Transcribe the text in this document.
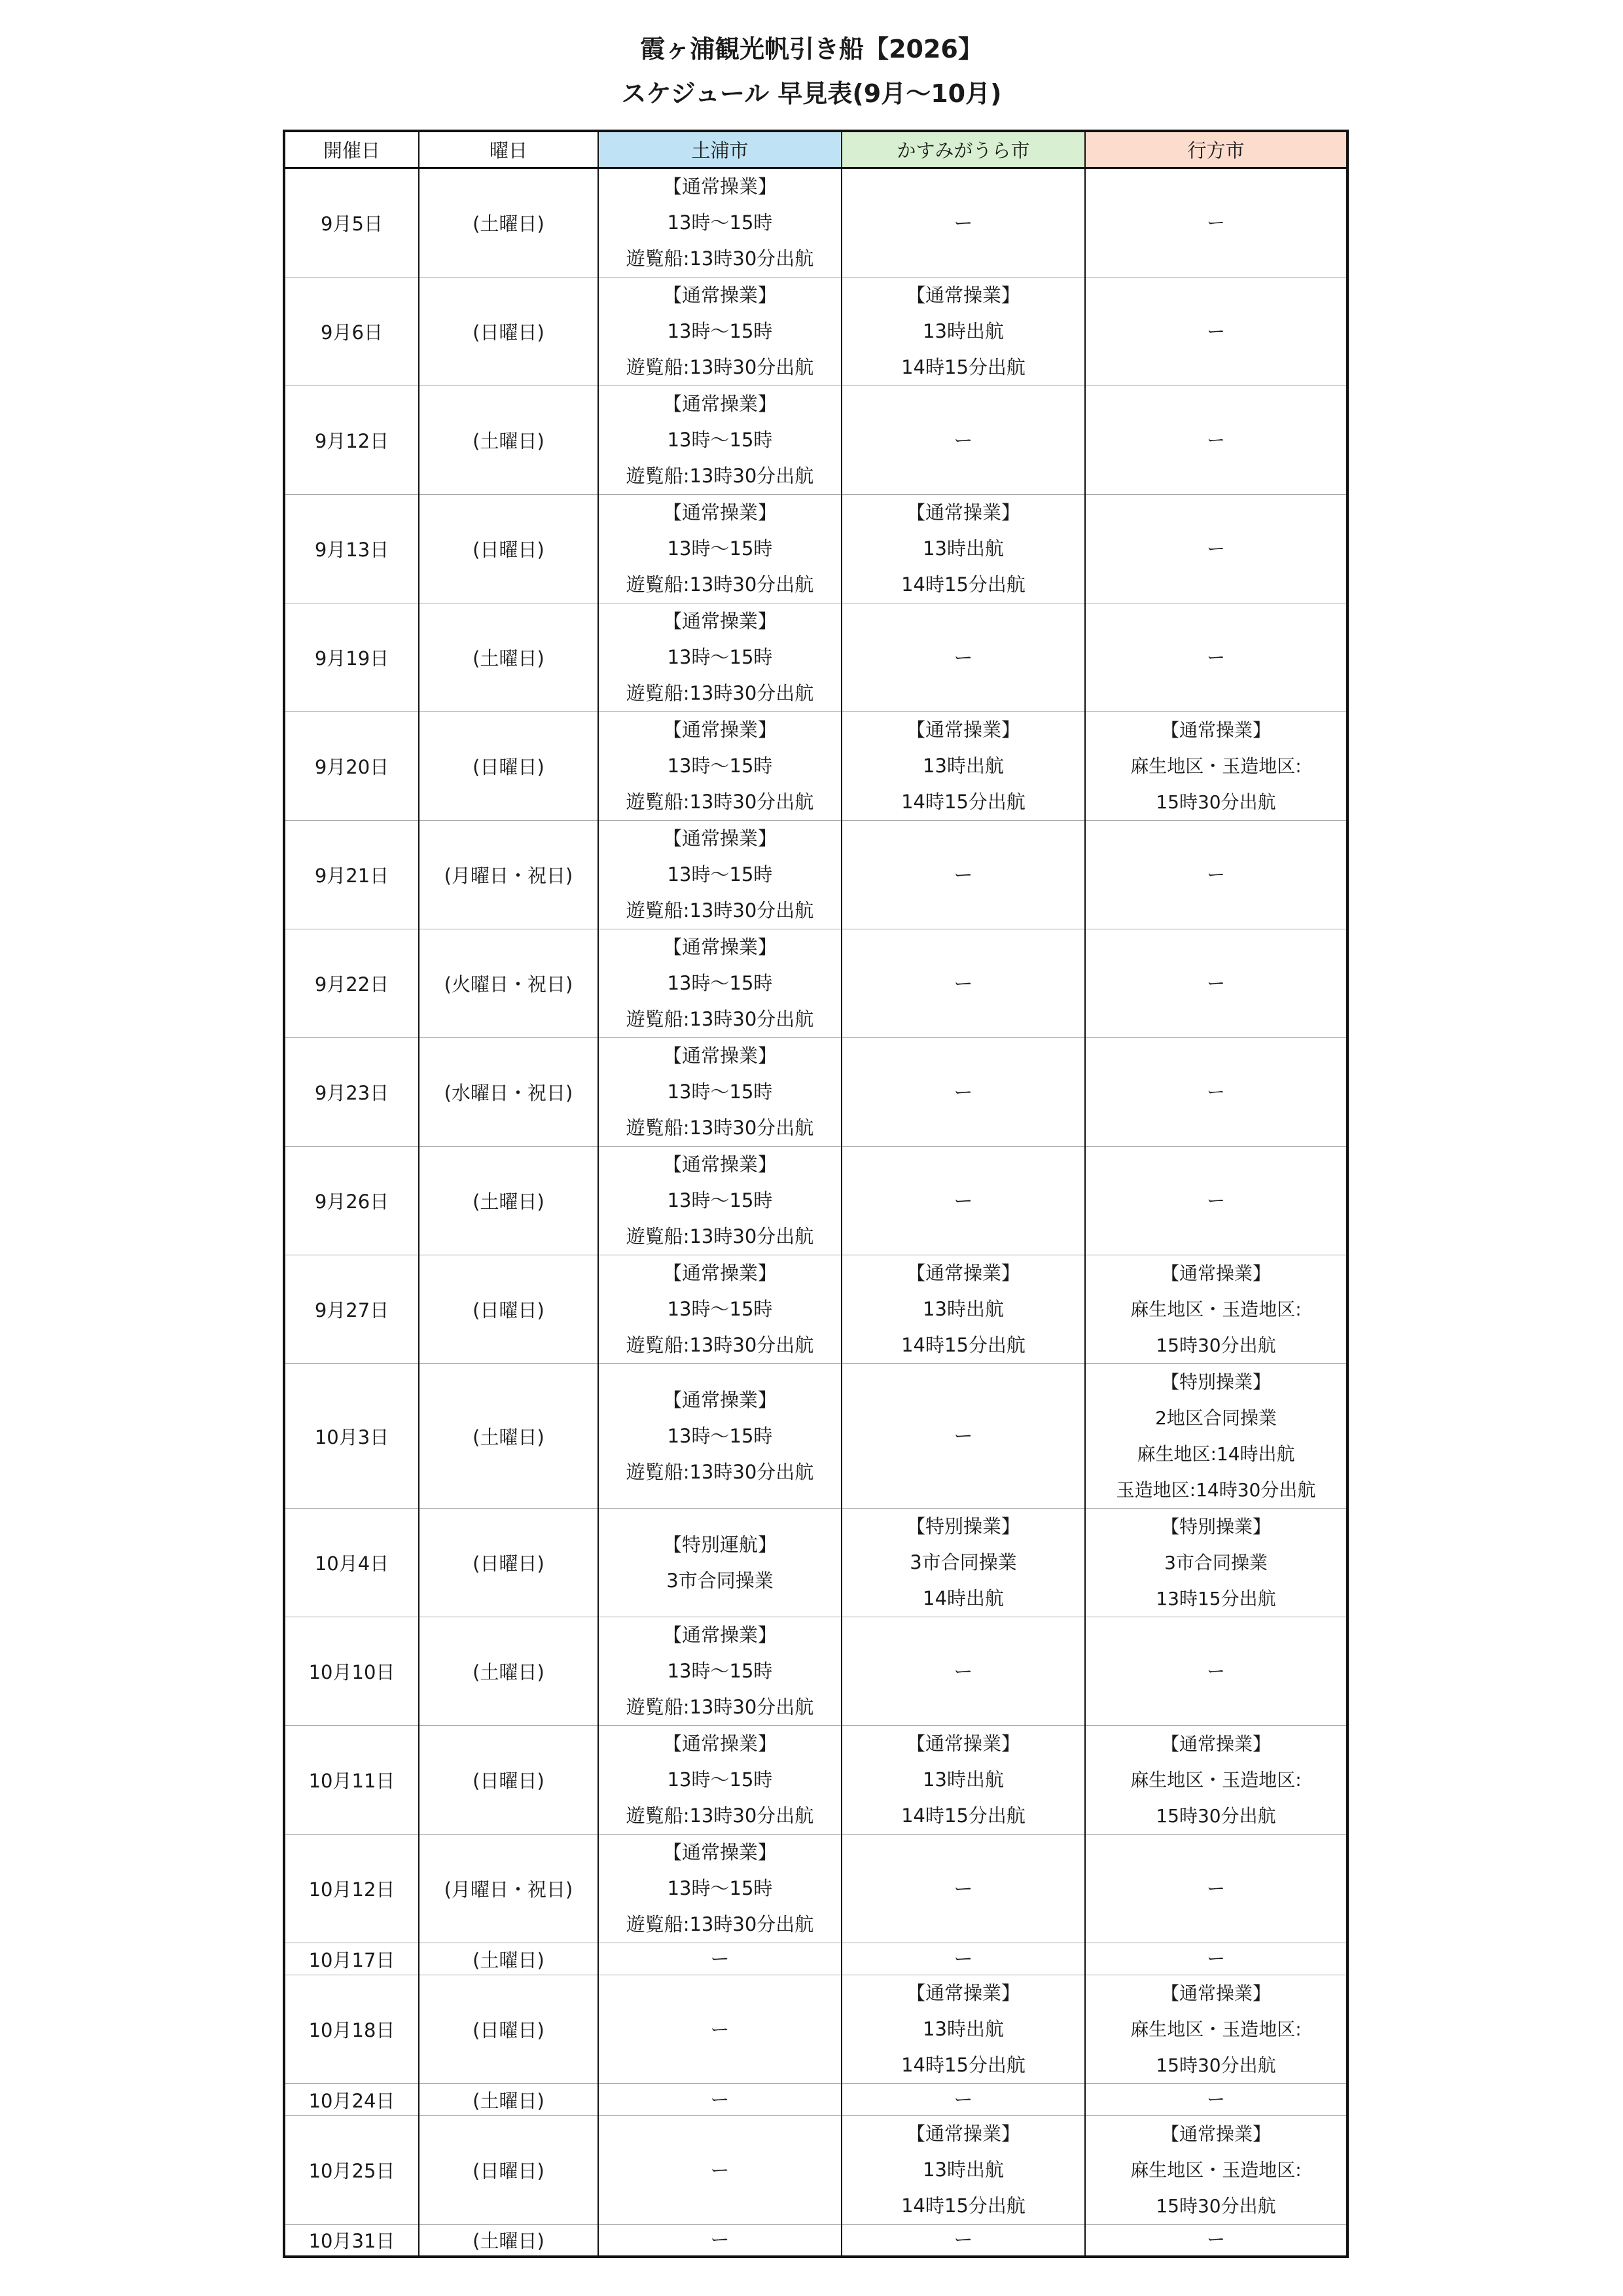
霞ヶ浦観光帆引き船【2026】
スケジュール 早見表(9月〜10月)
開催日	曜日	土浦市	かすみがうら市	行方市
9月5日	(土曜日)	【通常操業】
13時〜15時
遊覧船:13時30分出航	ー	ー

9月6日	(日曜日)	【通常操業】
13時〜15時
遊覧船:13時30分出航	【通常操業】
13時出航
14時15分出航	ー

9月12日	(土曜日)	【通常操業】
13時〜15時
遊覧船:13時30分出航	ー	ー

9月13日	(日曜日)	【通常操業】
13時〜15時
遊覧船:13時30分出航	【通常操業】
13時出航
14時15分出航	ー

9月19日	(土曜日)	【通常操業】
13時〜15時
遊覧船:13時30分出航	ー	ー

9月20日	(日曜日)	【通常操業】
13時〜15時
遊覧船:13時30分出航	【通常操業】
13時出航
14時15分出航	【通常操業】
麻生地区・玉造地区:
15時30分出航

9月21日	(月曜日・祝日)	【通常操業】
13時〜15時
遊覧船:13時30分出航	ー	ー

9月22日	(火曜日・祝日)	【通常操業】
13時〜15時
遊覧船:13時30分出航	ー	ー

9月23日	(水曜日・祝日)	【通常操業】
13時〜15時
遊覧船:13時30分出航	ー	ー

9月26日	(土曜日)	【通常操業】
13時〜15時
遊覧船:13時30分出航	ー	ー

9月27日	(日曜日)	【通常操業】
13時〜15時
遊覧船:13時30分出航	【通常操業】
13時出航
14時15分出航	【通常操業】
麻生地区・玉造地区:
15時30分出航

10月3日	(土曜日)	【通常操業】
13時〜15時
遊覧船:13時30分出航	ー	【特別操業】
2地区合同操業
麻生地区:14時出航
玉造地区:14時30分出航

10月4日	(日曜日)	【特別運航】
3市合同操業	【特別操業】
3市合同操業
14時出航	【特別操業】
3市合同操業
13時15分出航

10月10日	(土曜日)	【通常操業】
13時〜15時
遊覧船:13時30分出航	ー	ー

10月11日	(日曜日)	【通常操業】
13時〜15時
遊覧船:13時30分出航	【通常操業】
13時出航
14時15分出航	【通常操業】
麻生地区・玉造地区:
15時30分出航

10月12日	(月曜日・祝日)	【通常操業】
13時〜15時
遊覧船:13時30分出航	ー	ー

10月17日	(土曜日)	ー	ー	ー

10月18日	(日曜日)	ー	【通常操業】
13時出航
14時15分出航	【通常操業】
麻生地区・玉造地区:
15時30分出航

10月24日	(土曜日)	ー	ー	ー

10月25日	(日曜日)	ー	【通常操業】
13時出航
14時15分出航	【通常操業】
麻生地区・玉造地区:
15時30分出航

10月31日	(土曜日)	ー	ー	ー
